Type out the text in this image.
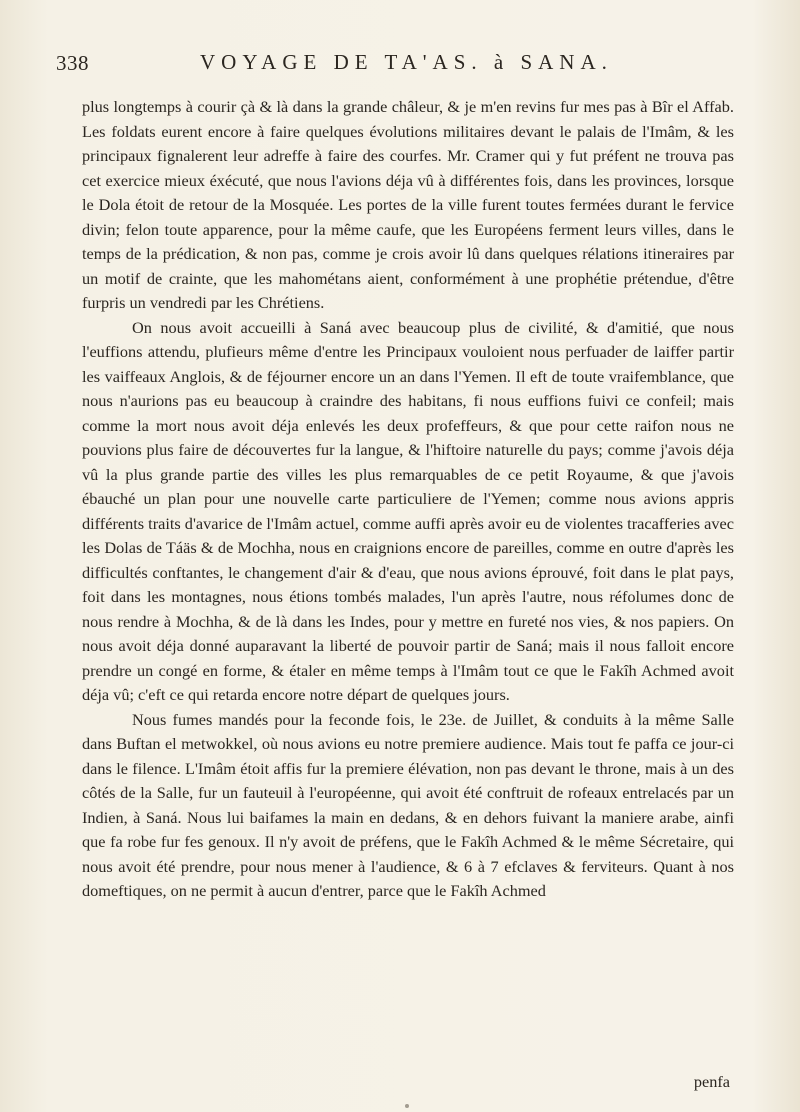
338	VOYAGE DE TA'AS. à SANA.

plus longtemps à courir çà & là dans la grande châleur, & je m'en revins fur mes pas à Bîr el Affab. Les foldats eurent encore à faire quelques évolutions militaires devant le palais de l'Imâm, & les principaux fignalerent leur adreffe à faire des courfes. Mr. Cramer qui y fut préfent ne trouva pas cet exercice mieux éxécuté, que nous l'avions déja vû à différentes fois, dans les provinces, lorsque le Dola étoit de retour de la Mosquée. Les portes de la ville furent toutes fermées durant le fervice divin; felon toute apparence, pour la même caufe, que les Européens ferment leurs villes, dans le temps de la prédication, & non pas, comme je crois avoir lû dans quelques rélations itineraires par un motif de crainte, que les mahométans aient, conformément à une prophétie prétendue, d'être furpris un vendredi par les Chrétiens.

On nous avoit accueilli à Saná avec beaucoup plus de civilité, & d'amitié, que nous l'euffions attendu, plufieurs même d'entre les Principaux vouloient nous perfuader de laiffer partir les vaiffeaux Anglois, & de féjourner encore un an dans l'Yemen. Il eft de toute vraifemblance, que nous n'aurions pas eu beaucoup à craindre des habitans, fi nous euffions fuivi ce confeil; mais comme la mort nous avoit déja enlevés les deux profeffeurs, & que pour cette raifon nous ne pouvions plus faire de découvertes fur la langue, & l'hiftoire naturelle du pays; comme j'avois déja vû la plus grande partie des villes les plus remarquables de ce petit Royaume, & que j'avois ébauché un plan pour une nouvelle carte particuliere de l'Yemen; comme nous avions appris différents traits d'avarice de l'Imâm actuel, comme auffi après avoir eu de violentes tracafferies avec les Dolas de Táäs & de Mochha, nous en craignions encore de pareilles, comme en outre d'après les difficultés conftantes, le changement d'air & d'eau, que nous avions éprouvé, foit dans le plat pays, foit dans les montagnes, nous étions tombés malades, l'un après l'autre, nous réfolumes donc de nous rendre à Mochha, & de là dans les Indes, pour y mettre en fureté nos vies, & nos papiers. On nous avoit déja donné auparavant la liberté de pouvoir partir de Saná; mais il nous falloit encore prendre un congé en forme, & étaler en même temps à l'Imâm tout ce que le Fakîh Achmed avoit déja vû; c'eft ce qui retarda encore notre départ de quelques jours.

Nous fumes mandés pour la feconde fois, le 23e. de Juillet, & conduits à la même Salle dans Buftan el metwokkel, où nous avions eu notre premiere audience. Mais tout fe paffa ce jour-ci dans le filence. L'Imâm étoit affis fur la premiere élévation, non pas devant le throne, mais à un des côtés de la Salle, fur un fauteuil à l'européenne, qui avoit été conftruit de rofeaux entrelacés par un Indien, à Saná. Nous lui baifames la main en dedans, & en dehors fuivant la maniere arabe, ainfi que fa robe fur fes genoux. Il n'y avoit de préfens, que le Fakîh Achmed & le même Sécretaire, qui nous avoit été prendre, pour nous mener à l'audience, & 6 à 7 efclaves & ferviteurs. Quant à nos domeftiques, on ne permit à aucun d'entrer, parce que le Fakîh Achmed

penfa
